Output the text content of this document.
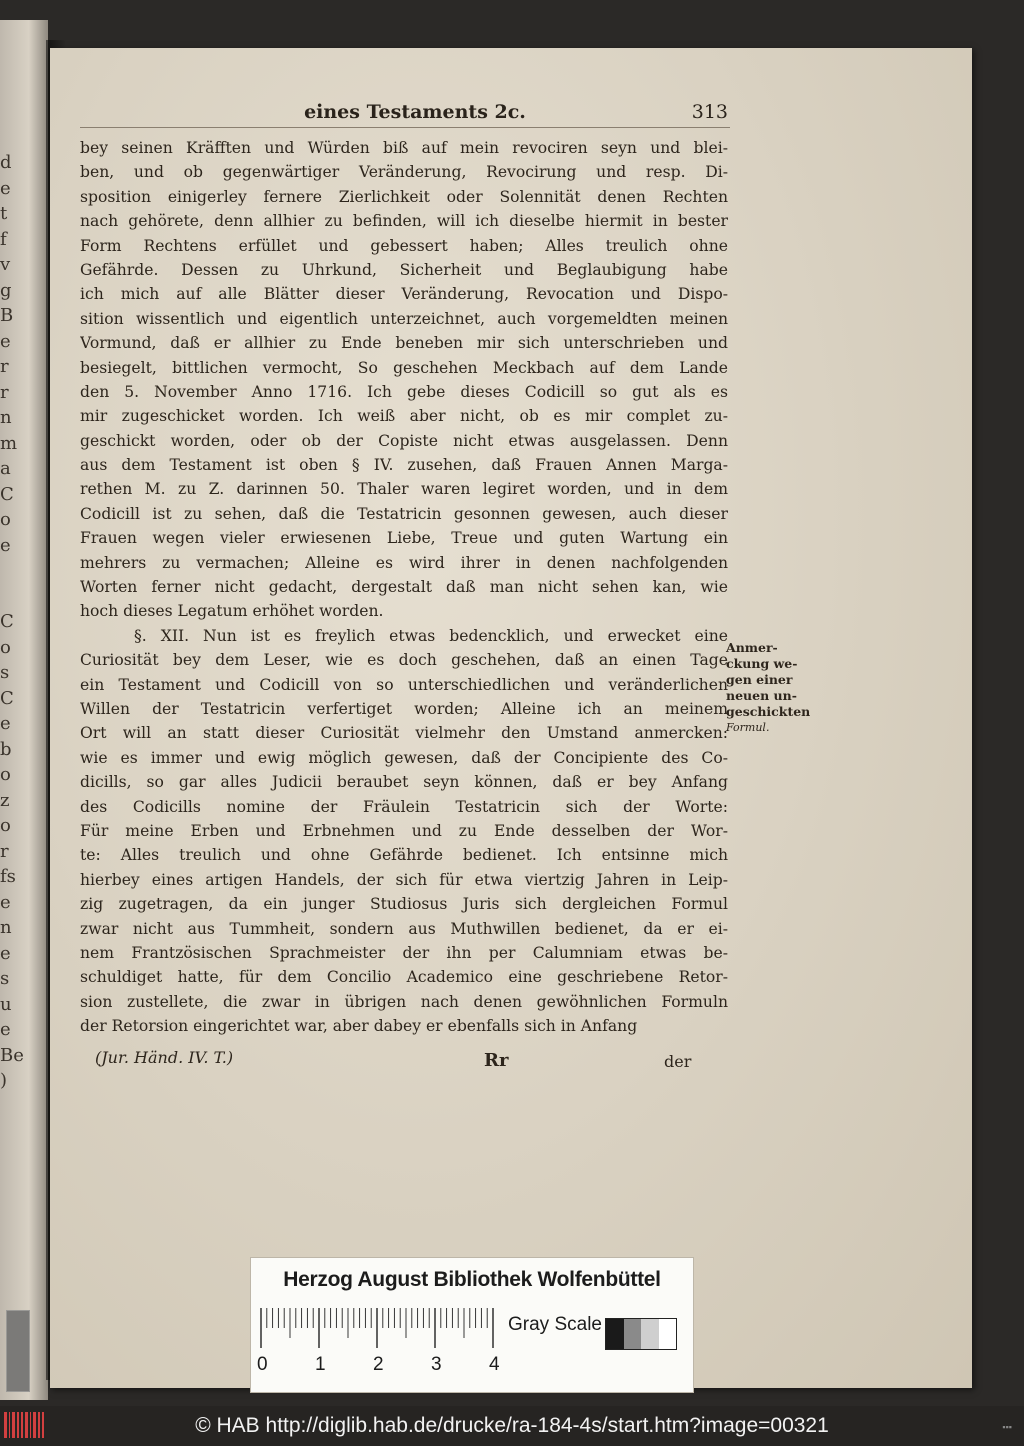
d
e
t
f
v
g
B
e
r
r
n
m
a
C
o
e
C
o
s
C
e
b
o
z
o
r
fs
e
n
e
s
u
e
Be
)
eines Testaments 2c.	313
bey seinen Kräfften und Würden biß auf mein revociren seyn und blei-
ben, und ob gegenwärtiger Veränderung, Revocirung und resp. Di-
sposition einigerley fernere Zierlichkeit oder Solennität denen Rechten
nach gehörete, denn allhier zu befinden, will ich dieselbe hiermit in bester
Form Rechtens erfüllet und gebessert haben; Alles treulich ohne
Gefährde. Dessen zu Uhrkund, Sicherheit und Beglaubigung habe
ich mich auf alle Blätter dieser Veränderung, Revocation und Dispo-
sition wissentlich und eigentlich unterzeichnet, auch vorgemeldten meinen
Vormund, daß er allhier zu Ende beneben mir sich unterschrieben und
besiegelt, bittlichen vermocht, So geschehen Meckbach auf dem Lande
den 5. November Anno 1716. Ich gebe dieses Codicill so gut als es
mir zugeschicket worden. Ich weiß aber nicht, ob es mir complet zu-
geschickt worden, oder ob der Copiste nicht etwas ausgelassen. Denn
aus dem Testament ist oben § IV. zusehen, daß Frauen Annen Marga-
rethen M. zu Z. darinnen 50. Thaler waren legiret worden, und in dem
Codicill ist zu sehen, daß die Testatricin gesonnen gewesen, auch dieser
Frauen wegen vieler erwiesenen Liebe, Treue und guten Wartung ein
mehrers zu vermachen; Alleine es wird ihrer in denen nachfolgenden
Worten ferner nicht gedacht, dergestalt daß man nicht sehen kan, wie
hoch dieses Legatum erhöhet worden.
§. XII. Nun ist es freylich etwas bedencklich, und erwecket eine
Curiosität bey dem Leser, wie es doch geschehen, daß an einen Tage
ein Testament und Codicill von so unterschiedlichen und veränderlichen
Willen der Testatricin verfertiget worden; Alleine ich an meinem
Ort will an statt dieser Curiosität vielmehr den Umstand anmercken:
wie es immer und ewig möglich gewesen, daß der Concipiente des Co-
dicills, so gar alles Judicii beraubet seyn können, daß er bey Anfang
des Codicills nomine der Fräulein Testatricin sich der Worte:
Für meine Erben und Erbnehmen und zu Ende desselben der Wor-
te: Alles treulich und ohne Gefährde bedienet. Ich entsinne mich
hierbey eines artigen Handels, der sich für etwa viertzig Jahren in Leip-
zig zugetragen, da ein junger Studiosus Juris sich dergleichen Formul
zwar nicht aus Tummheit, sondern aus Muthwillen bedienet, da er ei-
nem Frantzösischen Sprachmeister der ihn per Calumniam etwas be-
schuldiget hatte, für dem Concilio Academico eine geschriebene Retor-
sion zustellete, die zwar in übrigen nach denen gewöhnlichen Formuln
der Retorsion eingerichtet war, aber dabey er ebenfalls sich in Anfang
Anmer-
ckung we-
gen einer
neuen un-
geschickten
Formul.
(Jur. Händ. IV. T.)	Rr	der
Herzog August Bibliothek Wolfenbüttel
Gray Scale
0 1 2 3 4
© HAB http://diglib.hab.de/drucke/ra-184-4s/start.htm?image=00321	▪▪▪
